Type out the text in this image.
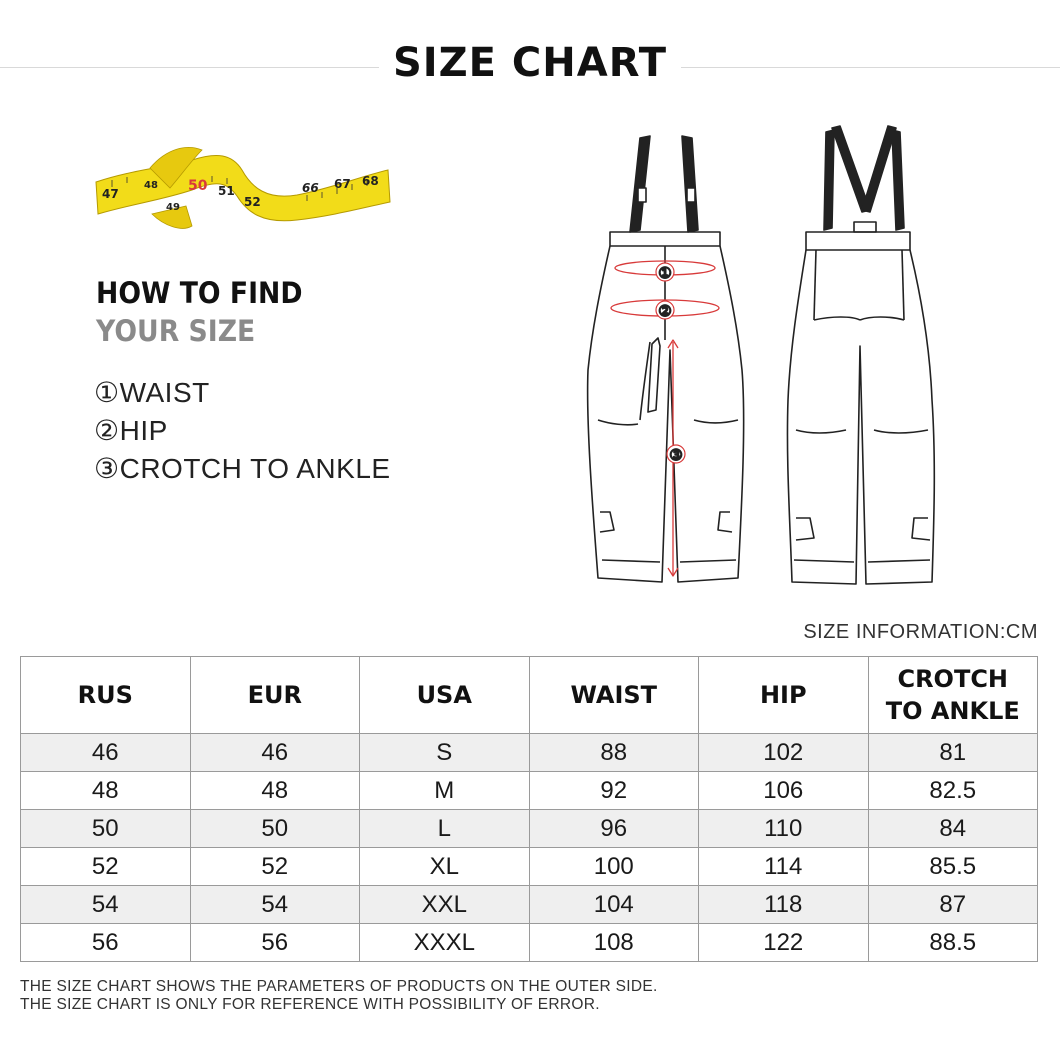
SIZE CHART
47
48
49
50 51
52
66 67 68
HOW TO FIND
YOUR SIZE
①WAIST
②HIP
③CROTCH TO ANKLE
①
②
③
SIZE INFORMATION:CM
RUS	EUR	USA	WAIST	HIP	CROTCH
TO ANKLE
46	46	S	88	102	81
48	48	M	92	106	82.5
50	50	L	96	110	84
52	52	XL	100	114	85.5
54	54	XXL	104	118	87
56	56	XXXL	108	122	88.5
THE SIZE CHART SHOWS THE PARAMETERS OF PRODUCTS ON THE OUTER SIDE.
THE SIZE CHART IS ONLY FOR REFERENCE WITH POSSIBILITY OF ERROR.
